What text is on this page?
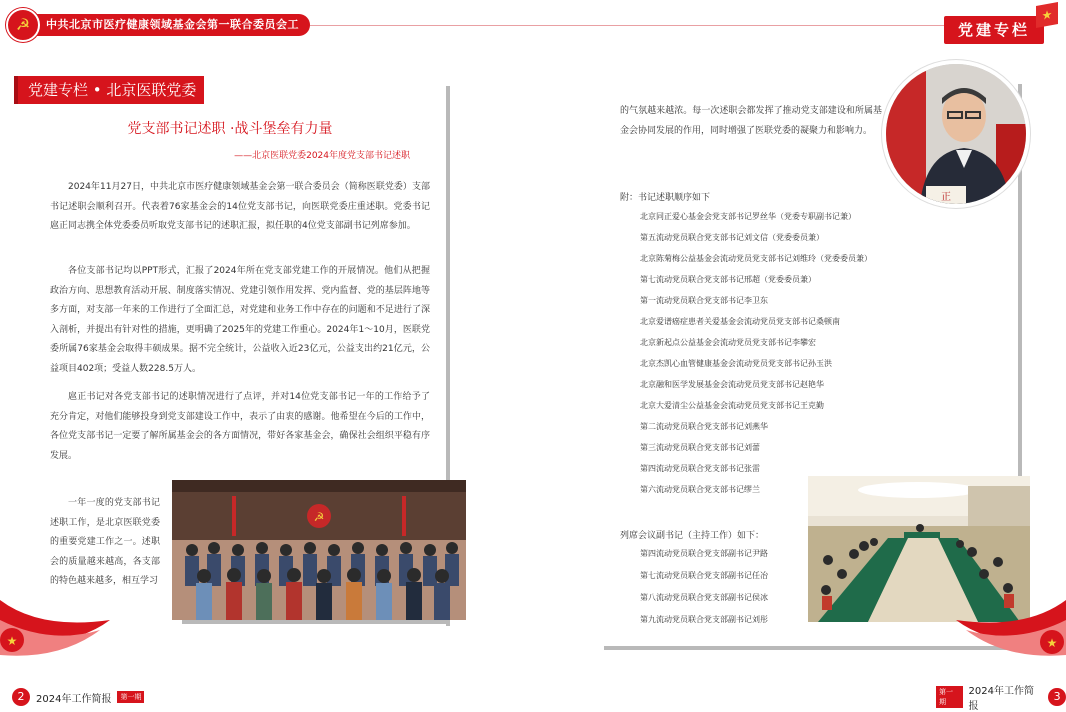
中共北京市医疗健康领域基金会第一联合委员会工作简报
☭	党建专栏
★
党建专栏 • 北京医联党委
党支部书记述职 ·战斗堡垒有力量
——北京医联党委2024年度党支部书记述职

2024年11月27日，中共北京市医疗健康领域基金会第一联合委员会（简称医联党委）支部书记述职会顺利召开。代表着76家基金会的14位党支部书记，向医联党委庄重述职。党委书记扈正同志携全体党委委员听取党支部书记的述职汇报，拟任职的4位党支部副书记列席参加。

各位支部书记均以PPT形式，汇报了2024年所在党支部党建工作的开展情况。他们从把握政治方向、思想教育活动开展、制度落实情况、党建引领作用发挥、党内监督、党的基层阵地等多方面，对支部一年来的工作进行了全面汇总，对党建和业务工作中存在的问题和不足进行了深入剖析，并提出有针对性的措施，更明确了2025年的党建工作重心。2024年1～10月，医联党委所属76家基金会取得丰硕成果。据不完全统计，公益收入近23亿元，公益支出约21亿元，公益项目402项；受益人数228.5万人。

扈正书记对各党支部书记的述职情况进行了点评，并对14位党支部书记一年的工作给予了充分肯定，对他们能够投身到党支部建设工作中，表示了由衷的感谢。他希望在今后的工作中，各位党支部书记一定要了解所属基金会的各方面情况，带好各家基金会，确保社会组织平稳有序发展。

一年一度的党支部书记述职工作，是北京医联党委的重要党建工作之一。述职会的质量越来越高，各支部的特色越来越多，相互学习

☭

的气氛越来越浓。每一次述职会都发挥了推动党支部建设和所属基金会协同发展的作用，同时增强了医联党委的凝聚力和影响力。

正
附：书记述职顺序如下
北京同正爱心基金会党支部书记罗丝华（党委专职副书记兼）
第五流动党员联合党支部书记刘文信（党委委员兼）
北京陈菊梅公益基金会流动党员党支部书记刘维玲（党委委员兼）
第七流动党员联合党支部书记邢超（党委委员兼）
第一流动党员联合党支部书记李卫东
北京爱谱癌症患者关爱基金会流动党员党支部书记桑顿南
北京新起点公益基金会流动党员党支部书记李攀宏
北京杰凯心血管健康基金会流动党员党支部书记孙玉洪
北京融和医学发展基金会流动党员党支部书记赵艳华
北京大爱清尘公益基金会流动党员党支部书记王克勤
第二流动党员联合党支部书记刘燕华
第三流动党员联合党支部书记刘蕾
第四流动党员联合党支部书记张雷
第六流动党员联合党支部书记缪兰
列席会议副书记（主持工作）如下：
第四流动党员联合党支部副书记尹路
第七流动党员联合党支部副书记任冶
第八流动党员联合党支部副书记侯冰
第九流动党员联合党支部副书记刘彤
★	★
2	2024年工作简报	第一期
第一期
2024年工作简报
3
